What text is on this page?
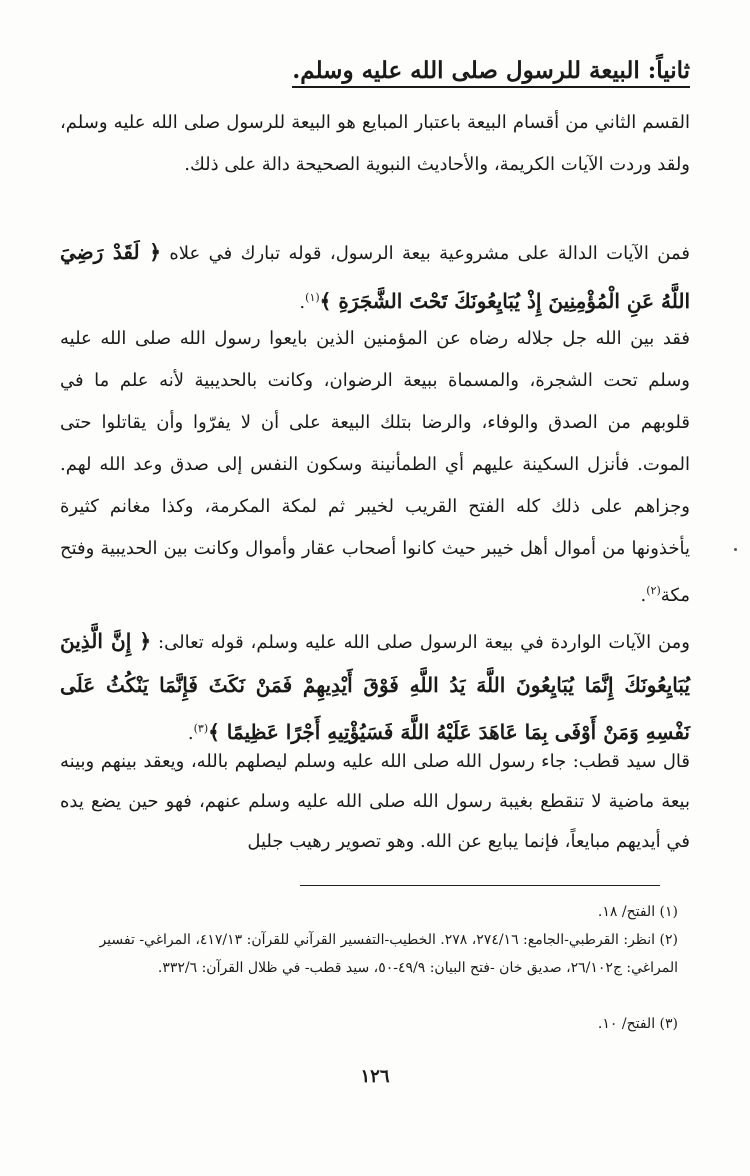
ثانياً: البيعة للرسول صلى الله عليه وسلم.
القسم الثاني من أقسام البيعة باعتبار المبايع هو البيعة للرسول صلى الله عليه وسلم، ولقد وردت الآيات الكريمة، والأحاديث النبوية الصحيحة دالة على ذلك.
فمن الآيات الدالة على مشروعية بيعة الرسول، قوله تبارك في علاه ﴿ لَقَدْ رَضِيَ اللَّهُ عَنِ الْمُؤْمِنِينَ إِذْ يُبَايِعُونَكَ تَحْتَ الشَّجَرَةِ ﴾$^{(١)}$.
فقد بين الله جل جلاله رضاه عن المؤمنين الذين بايعوا رسول الله صلى الله عليه وسلم تحت الشجرة، والمسماة ببيعة الرضوان، وكانت بالحديبية لأنه علم ما في قلوبهم من الصدق والوفاء، والرضا بتلك البيعة على أن لا يفرّوا وأن يقاتلوا حتى الموت. فأنزل السكينة عليهم أي الطمأنينة وسكون النفس إلى صدق وعد الله لهم. وجزاهم على ذلك كله الفتح القريب لخيبر ثم لمكة المكرمة، وكذا مغانم كثيرة يأخذونها من أموال أهل خيبر حيث كانوا أصحاب عقار وأموال وكانت بين الحديبية وفتح مكة$^{(٢)}$.
ومن الآيات الواردة في بيعة الرسول صلى الله عليه وسلم، قوله تعالى: ﴿ إِنَّ الَّذِينَ يُبَايِعُونَكَ إِنَّمَا يُبَايِعُونَ اللَّهَ يَدُ اللَّهِ فَوْقَ أَيْدِيهِمْ فَمَنْ نَكَثَ فَإِنَّمَا يَنْكُثُ عَلَى نَفْسِهِ وَمَنْ أَوْفَى بِمَا عَاهَدَ عَلَيْهُ اللَّهَ فَسَيُؤْتِيهِ أَجْرًا عَظِيمًا ﴾$^{(٣)}$.
قال سيد قطب: جاء رسول الله صلى الله عليه وسلم ليصلهم بالله، ويعقد بينهم وبينه بيعة ماضية لا تنقطع بغيبة رسول الله صلى الله عليه وسلم عنهم، فهو حين يضع يده في أيديهم مبايعاً، فإنما يبايع عن الله. وهو تصوير رهيب جليل
(١) الفتح/ ١٨.
(٢) انظر: القرطبي-الجامع: ٢٧٤/١٦، ٢٧٨. الخطيب-التفسير القرآني للقرآن: ٤١٧/١٣، المراغي- تفسير المراغي: ج٢٦/١٠٢، صديق خان -فتح البيان: ٤٩/٩-٥٠، سيد قطب- في ظلال القرآن: ٣٣٢/٦.
(٣) الفتح/ ١٠.
١٢٦
